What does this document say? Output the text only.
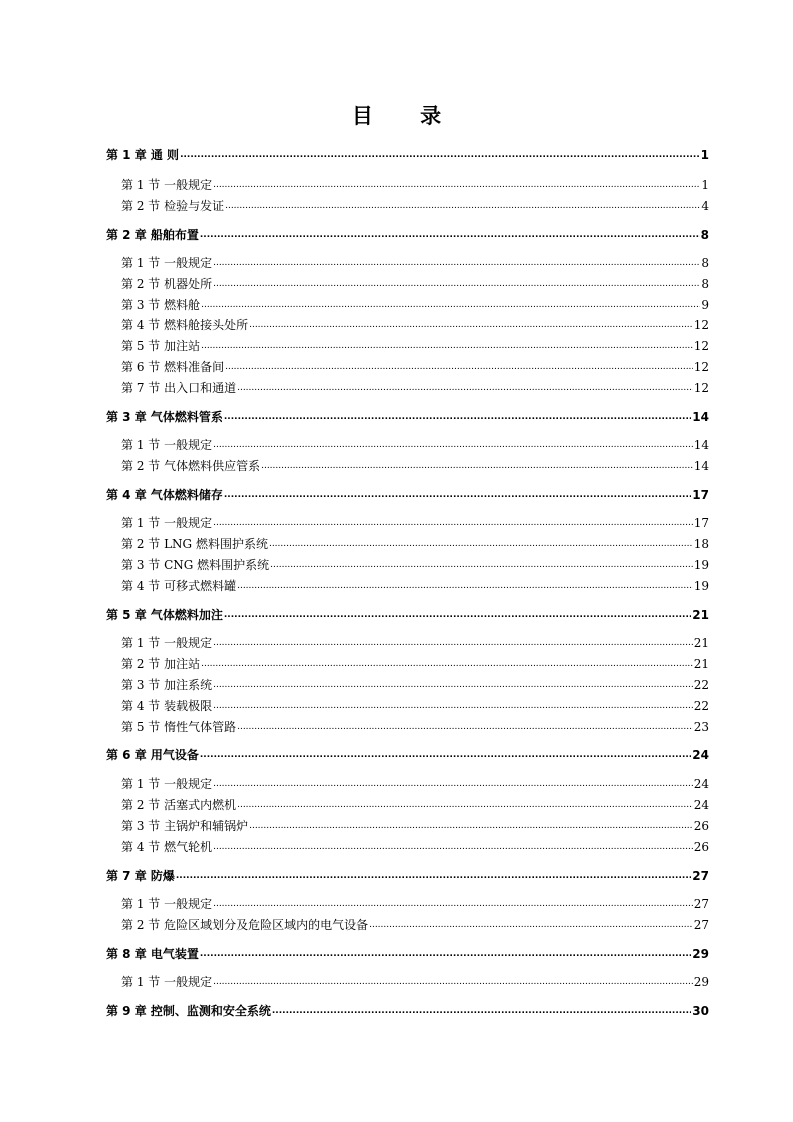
目 录
第 1 章 通 则 .....	1
第 1 节 一般规定 .....	1
第 2 节 检验与发证 .....	4
第 2 章 船舶布置 .....	8
第 1 节 一般规定 .....	8
第 2 节 机器处所 .....	8
第 3 节 燃料舱 .....	9
第 4 节 燃料舱接头处所 .....	12
第 5 节 加注站 .....	12
第 6 节 燃料准备间 .....	12
第 7 节 出入口和通道 .....	12
第 3 章 气体燃料管系 .....	14
第 1 节 一般规定 .....	14
第 2 节 气体燃料供应管系 .....	14
第 4 章 气体燃料储存 .....	17
第 1 节 一般规定 .....	17
第 2 节 LNG 燃料围护系统 .....	18
第 3 节 CNG 燃料围护系统 .....	19
第 4 节 可移式燃料罐 .....	19
第 5 章 气体燃料加注 .....	21
第 1 节 一般规定 .....	21
第 2 节 加注站 .....	21
第 3 节 加注系统 .....	22
第 4 节 装载极限 .....	22
第 5 节 惰性气体管路 .....	23
第 6 章 用气设备 .....	24
第 1 节 一般规定 .....	24
第 2 节 活塞式内燃机 .....	24
第 3 节 主锅炉和辅锅炉 .....	26
第 4 节 燃气轮机 .....	26
第 7 章 防爆 .....	27
第 1 节 一般规定 .....	27
第 2 节 危险区域划分及危险区域内的电气设备 .....	27
第 8 章 电气装置 .....	29
第 1 节 一般规定 .....	29
第 9 章 控制、监测和安全系统 .....	30
